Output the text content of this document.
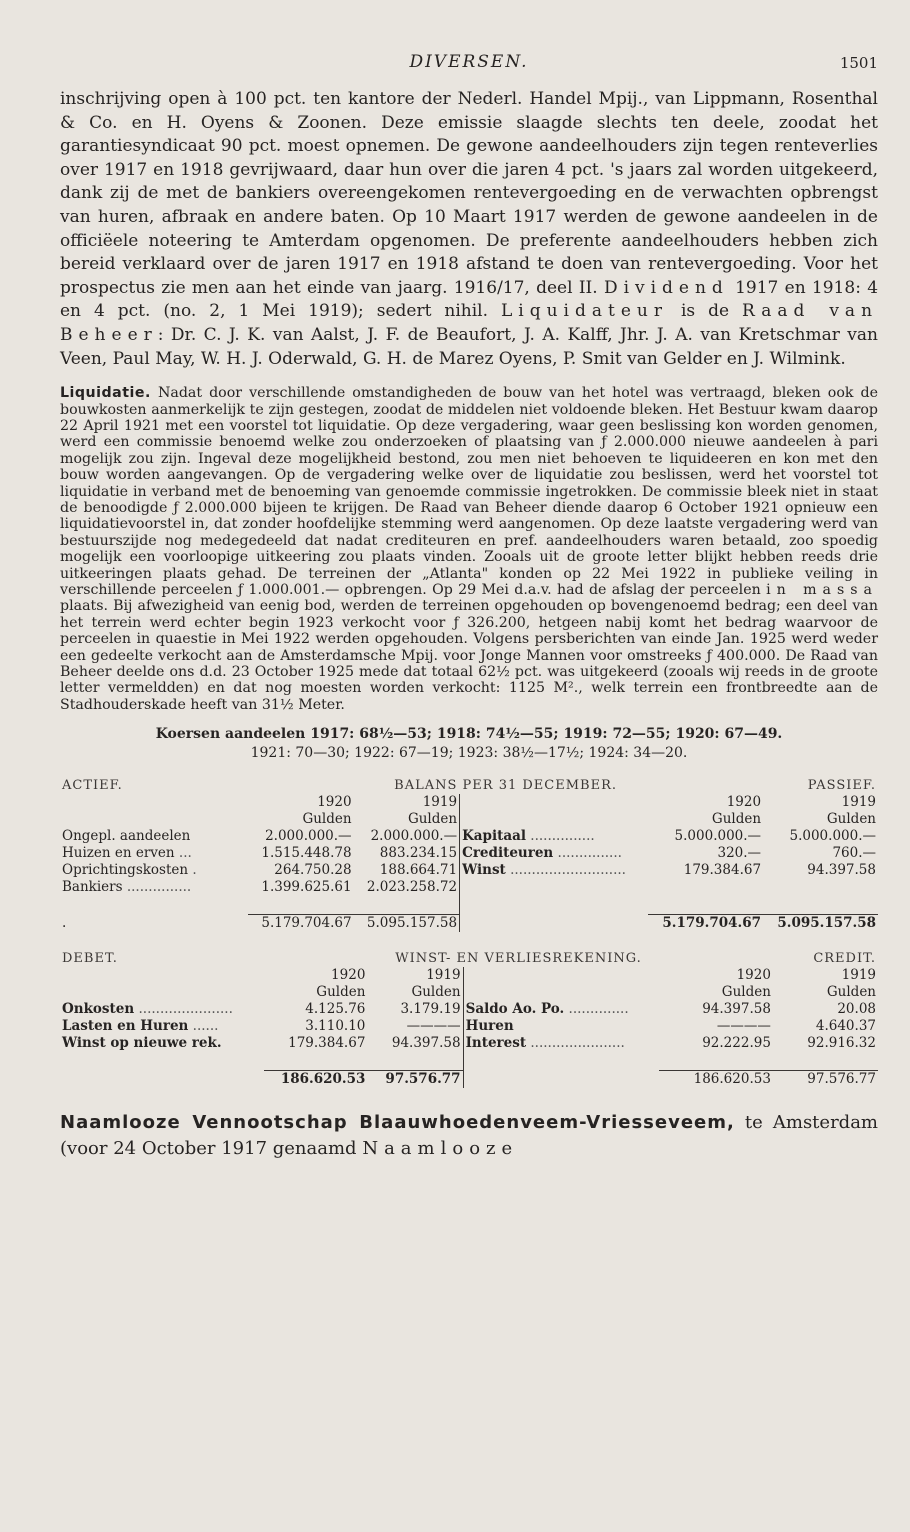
DIVERSEN.	1501

inschrijving open à 100 pct. ten kantore der Nederl. Handel Mpij., van Lippmann, Rosenthal & Co. en H. Oyens & Zoonen. Deze emissie slaagde slechts ten deele, zoodat het garantiesyndicaat 90 pct. moest opnemen. De gewone aandeelhouders zijn tegen renteverlies over 1917 en 1918 gevrijwaard, daar hun over die jaren 4 pct. 's jaars zal worden uitgekeerd, dank zij de met de bankiers overeengekomen rentevergoeding en de verwachten opbrengst van huren, afbraak en andere baten. Op 10 Maart 1917 werden de gewone aandeelen in de officiëele noteering te Amterdam opgenomen. De preferente aandeelhouders hebben zich bereid verklaard over de jaren 1917 en 1918 afstand te doen van rentevergoeding. Voor het prospectus zie men aan het einde van jaarg. 1916/17, deel II. Dividend 1917 en 1918: 4 en 4 pct. (no. 2, 1 Mei 1919); sedert nihil. Liquidateur is de Raad van Beheer: Dr. C. J. K. van Aalst, J. F. de Beaufort, J. A. Kalff, Jhr. J. A. van Kretschmar van Veen, Paul May, W. H. J. Oderwald, G. H. de Marez Oyens, P. Smit van Gelder en J. Wilmink.

Liquidatie. Nadat door verschillende omstandigheden de bouw van het hotel was vertraagd, bleken ook de bouwkosten aanmerkelijk te zijn gestegen, zoodat de middelen niet voldoende bleken. Het Bestuur kwam daarop 22 April 1921 met een voorstel tot liquidatie. Op deze vergadering, waar geen beslissing kon worden genomen, werd een commissie benoemd welke zou onderzoeken of plaatsing van ƒ 2.000.000 nieuwe aandeelen à pari mogelijk zou zijn. Ingeval deze mogelijkheid bestond, zou men niet behoeven te liquideeren en kon met den bouw worden aangevangen. Op de vergadering welke over de liquidatie zou beslissen, werd het voorstel tot liquidatie in verband met de benoeming van genoemde commissie ingetrokken. De commissie bleek niet in staat de benoodigde ƒ 2.000.000 bijeen te krijgen. De Raad van Beheer diende daarop 6 October 1921 opnieuw een liquidatievoorstel in, dat zonder hoofdelijke stemming werd aangenomen. Op deze laatste vergadering werd van bestuurszijde nog medegedeeld dat nadat crediteuren en pref. aandeelhouders waren betaald, zoo spoedig mogelijk een voorloopige uitkeering zou plaats vinden. Zooals uit de groote letter blijkt hebben reeds drie uitkeeringen plaats gehad. De terreinen der „Atlanta" konden op 22 Mei 1922 in publieke veiling in verschillende perceelen ƒ 1.000.001.— opbrengen. Op 29 Mei d.a.v. had de afslag der perceelen in massa plaats. Bij afwezigheid van eenig bod, werden de terreinen opgehouden op bovengenoemd bedrag; een deel van het terrein werd echter begin 1923 verkocht voor ƒ 326.200, hetgeen nabij komt het bedrag waarvoor de perceelen in quaestie in Mei 1922 werden opgehouden. Volgens persberichten van einde Jan. 1925 werd weder een gedeelte verkocht aan de Amsterdamsche Mpij. voor Jonge Mannen voor omstreeks ƒ 400.000. De Raad van Beheer deelde ons d.d. 23 October 1925 mede dat totaal 62½ pct. was uitgekeerd (zooals wij reeds in de groote letter vermeldden) en dat nog moesten worden verkocht: 1125 M²., welk terrein een frontbreedte aan de Stadhouderskade heeft van 31½ Meter.

Koersen aandeelen 1917: 68½—53; 1918: 74½—55; 1919: 72—55; 1920: 67—49.
1921: 70—30; 1922: 67—19; 1923: 38½—17½; 1924: 34—20.
ACTIEF.	BALANS PER 31 DECEMBER.				PASSIEF.
	1920	1919		1920	1919
	Gulden	Gulden		Gulden	Gulden
Ongepl. aandeelen	2.000.000.—	2.000.000.—	Kapitaal ...............	5.000.000.—	5.000.000.—
Huizen en erven ...	1.515.448.78	883.234.15	Crediteuren ...............	320.—	760.—
Oprichtingskosten .	264.750.28	188.664.71	Winst ...........................	179.384.67	94.397.58
Bankiers ...............	1.399.625.61	2.023.258.72			

.	5.179.704.67	5.095.157.58		5.179.704.67	5.095.157.58
DEBET.	WINST- EN VERLIESREKENING.				CREDIT.
	1920	1919		1920	1919
	Gulden	Gulden		Gulden	Gulden
Onkosten ......................	4.125.76	3.179.19	Saldo Ao. Po. ..............	94.397.58	20.08
Lasten en Huren ......	3.110.10	————	Huren	————	4.640.37
Winst op nieuwe rek.	179.384.67	94.397.58	Interest ......................	92.222.95	92.916.32

	186.620.53	97.576.77		186.620.53	97.576.77
Naamlooze Vennootschap Blaauwhoedenveem-Vriesseveem, te Amsterdam (voor 24 October 1917 genaamd Naamlooze
